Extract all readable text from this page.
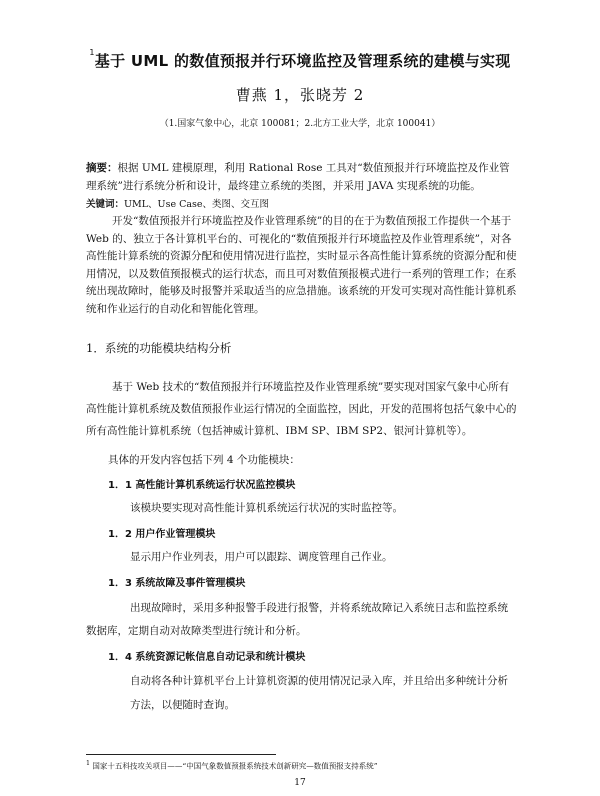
$^1$基于 UML 的数值预报并行环境监控及管理系统的建模与实现
曹燕 1，张晓芳 2
（1.国家气象中心，北京 100081；2.北方工业大学，北京 100041）
摘要：根据 UML 建模原理，利用 Rational Rose 工具对“数值预报并行环境监控及作业管理系统”进行系统分析和设计，最终建立系统的类图，并采用 JAVA 实现系统的功能。
关键词：UML、Use Case、类图、交互图
开发“数值预报并行环境监控及作业管理系统”的目的在于为数值预报工作提供一个基于 Web 的、独立于各计算机平台的、可视化的“数值预报并行环境监控及作业管理系统”，对各高性能计算系统的资源分配和使用情况进行监控，实时显示各高性能计算系统的资源分配和使用情况，以及数值预报模式的运行状态，而且可对数值预报模式进行一系列的管理工作；在系统出现故障时，能够及时报警并采取适当的应急措施。该系统的开发可实现对高性能计算机系统和作业运行的自动化和智能化管理。
1．系统的功能模块结构分析
基于 Web 技术的“数值预报并行环境监控及作业管理系统”要实现对国家气象中心所有高性能计算机系统及数值预报作业运行情况的全面监控，因此，开发的范围将包括气象中心的所有高性能计算机系统（包括神威计算机、IBM SP、IBM SP2、银河计算机等）。
具体的开发内容包括下列 4 个功能模块：
1．1 高性能计算机系统运行状况监控模块
该模块要实现对高性能计算机系统运行状况的实时监控等。
1．2 用户作业管理模块
显示用户作业列表，用户可以跟踪、调度管理自己作业。
1．3 系统故障及事件管理模块
出现故障时，采用多种报警手段进行报警，并将系统故障记入系统日志和监控系统
数据库，定期自动对故障类型进行统计和分析。
1．4 系统资源记帐信息自动记录和统计模块
自动将各种计算机平台上计算机资源的使用情况记录入库，并且给出多种统计分析
方法，以便随时查询。
$^1$ 国家十五科技攻关项目——“中国气象数值预报系统技术创新研究—数值预报支持系统”
17
